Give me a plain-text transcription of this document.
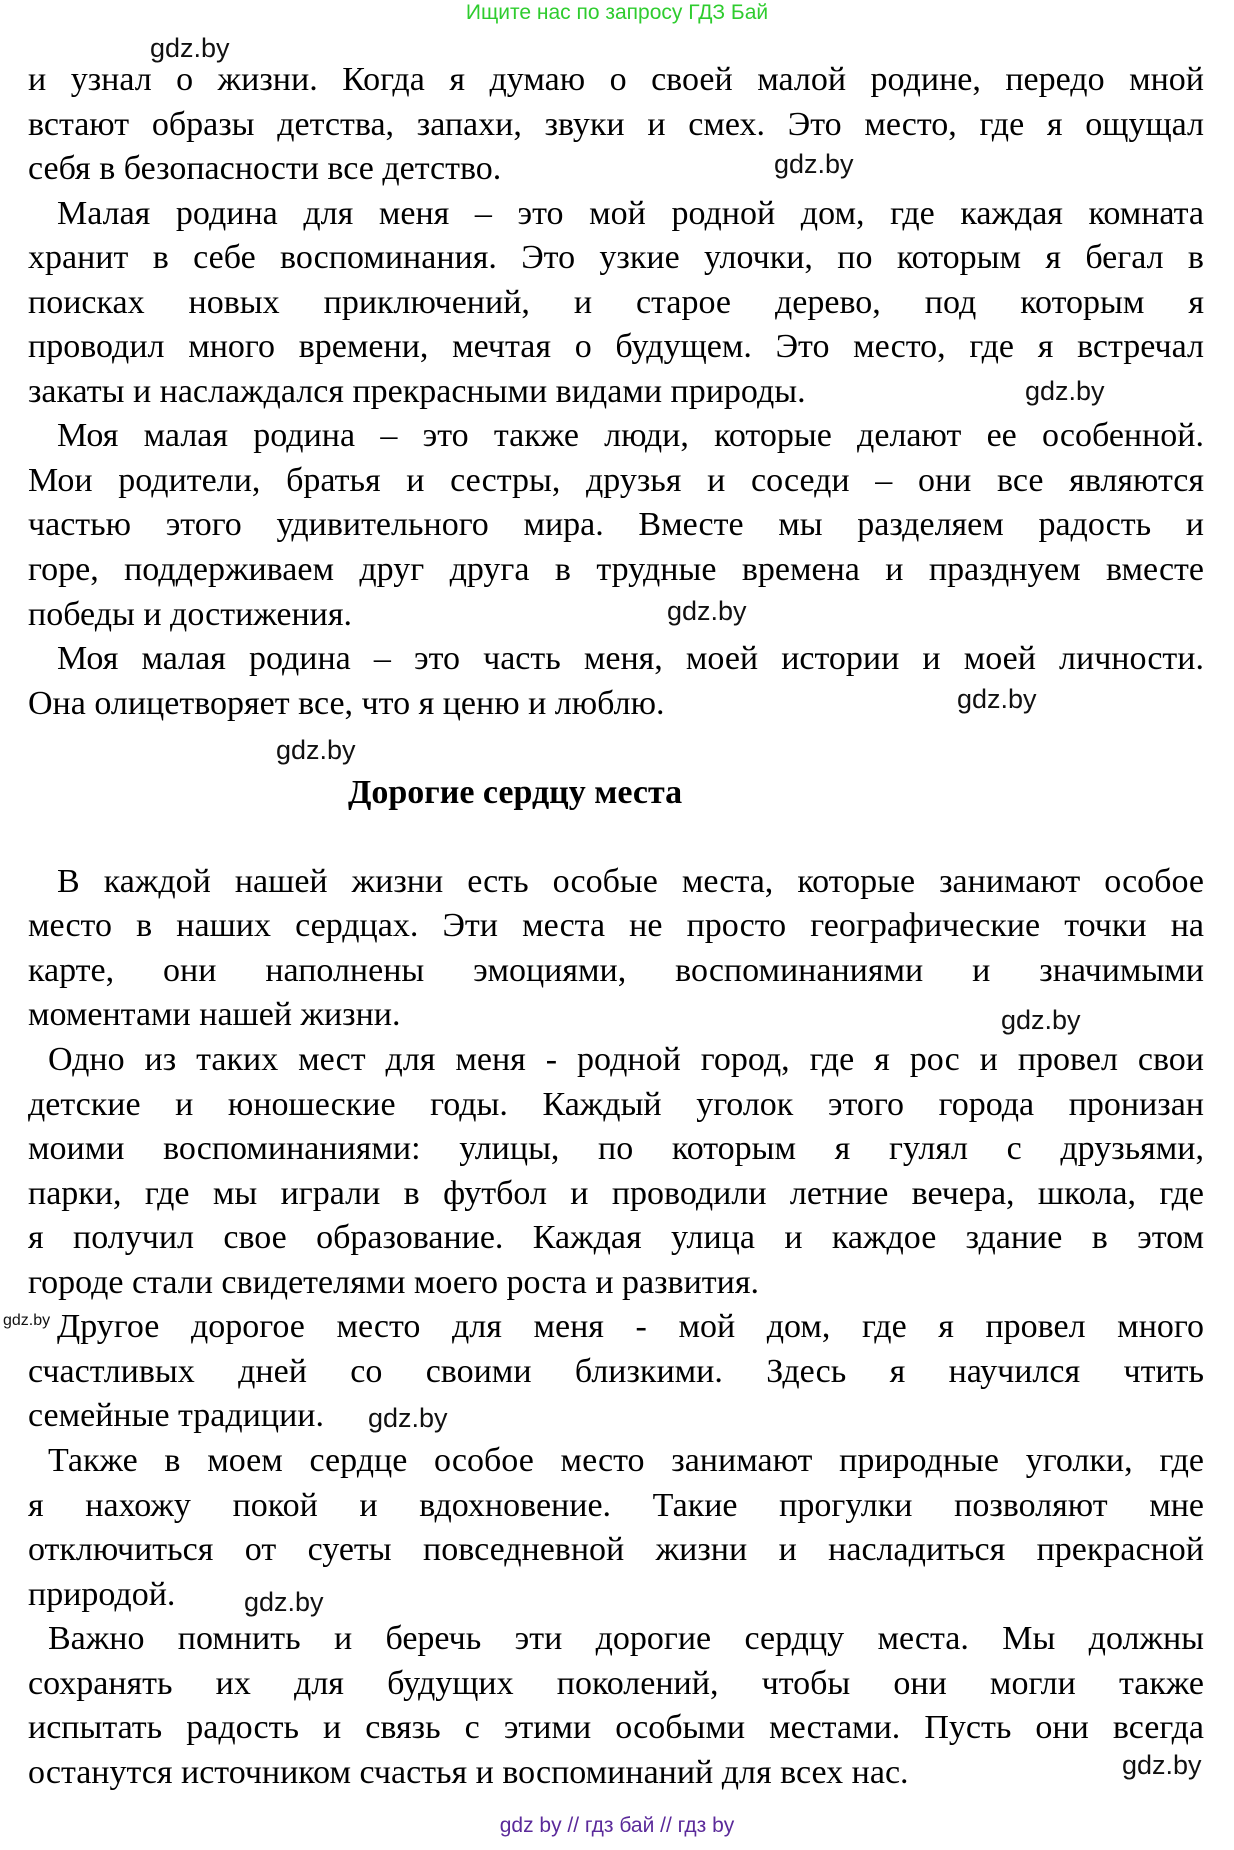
Ищите нас по запросу ГДЗ Бай
и узнал о жизни. Когда я думаю о своей малой родине, передо мной
встают образы детства, запахи, звуки и смех. Это место, где я ощущал
себя в безопасности все детство.
Малая родина для меня – это мой родной дом, где каждая комната
хранит в себе воспоминания. Это узкие улочки, по которым я бегал в
поисках новых приключений, и старое дерево, под которым я
проводил много времени, мечтая о будущем. Это место, где я встречал
закаты и наслаждался прекрасными видами природы.
Моя малая родина – это также люди, которые делают ее особенной.
Мои родители, братья и сестры, друзья и соседи – они все являются
частью этого удивительного мира. Вместе мы разделяем радость и
горе, поддерживаем друг друга в трудные времена и празднуем вместе
победы и достижения.
Моя малая родина – это часть меня, моей истории и моей личности.
Она олицетворяет все, что я ценю и люблю.
Дорогие сердцу места
В каждой нашей жизни есть особые места, которые занимают особое
место в наших сердцах. Эти места не просто географические точки на
карте, они наполнены эмоциями, воспоминаниями и значимыми
моментами нашей жизни.
Одно из таких мест для меня - родной город, где я рос и провел свои
детские и юношеские годы. Каждый уголок этого города пронизан
моими воспоминаниями: улицы, по которым я гулял с друзьями,
парки, где мы играли в футбол и проводили летние вечера, школа, где
я получил свое образование. Каждая улица и каждое здание в этом
городе стали свидетелями моего роста и развития.
Другое дорогое место для меня - мой дом, где я провел много
счастливых дней со своими близкими. Здесь я научился чтить
семейные традиции.
Также в моем сердце особое место занимают природные уголки, где
я нахожу покой и вдохновение. Такие прогулки позволяют мне
отключиться от суеты повседневной жизни и насладиться прекрасной
природой.
Важно помнить и беречь эти дорогие сердцу места. Мы должны
сохранять их для будущих поколений, чтобы они могли также
испытать радость и связь с этими особыми местами. Пусть они всегда
останутся источником счастья и воспоминаний для всех нас.
gdz.by
gdz.by
gdz.by
gdz.by
gdz.by
gdz.by
gdz.by
gdz.by
gdz.by
gdz.by
gdz.by
gdz by // гдз бай // гдз by
